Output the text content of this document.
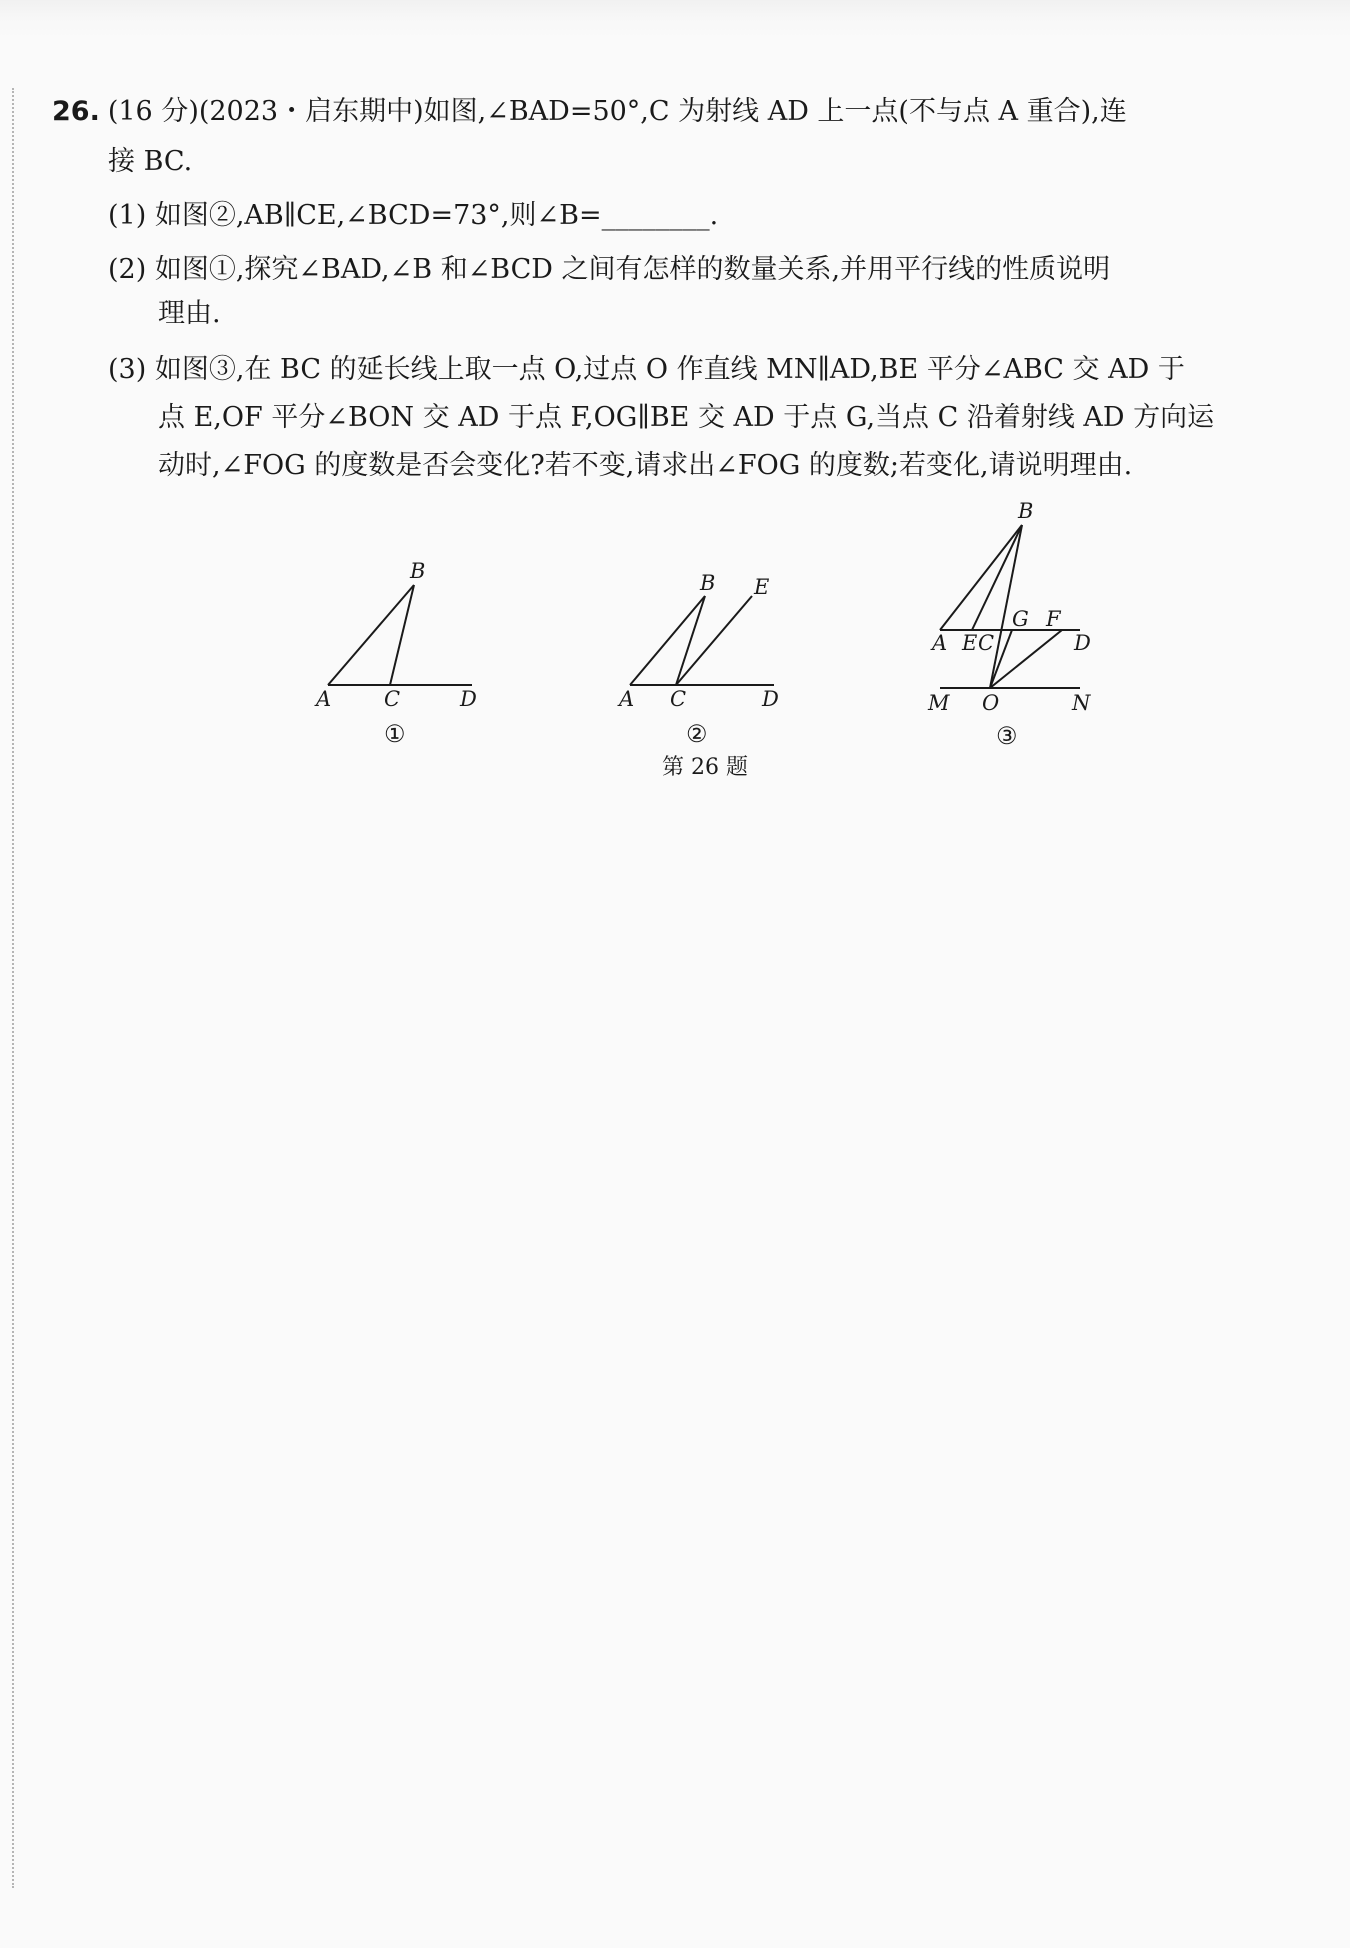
26. (16 分)(2023・启东期中)如图,∠BAD=50°,C 为射线 AD 上一点(不与点 A 重合),连
接 BC.
(1) 如图②,AB∥CE,∠BCD=73°,则∠B=________.
(2) 如图①,探究∠BAD,∠B 和∠BCD 之间有怎样的数量关系,并用平行线的性质说明
理由.
(3) 如图③,在 BC 的延长线上取一点 O,过点 O 作直线 MN∥AD,BE 平分∠ABC 交 AD 于
点 E,OF 平分∠BON 交 AD 于点 F,OG∥BE 交 AD 于点 G,当点 C 沿着射线 AD 方向运
动时,∠FOG 的度数是否会变化?若不变,请求出∠FOG 的度数;若变化,请说明理由.
A	C	D
B
①
A C	D
B E
②
B
G F
A E C	D
M O	N
③
第 26 题
